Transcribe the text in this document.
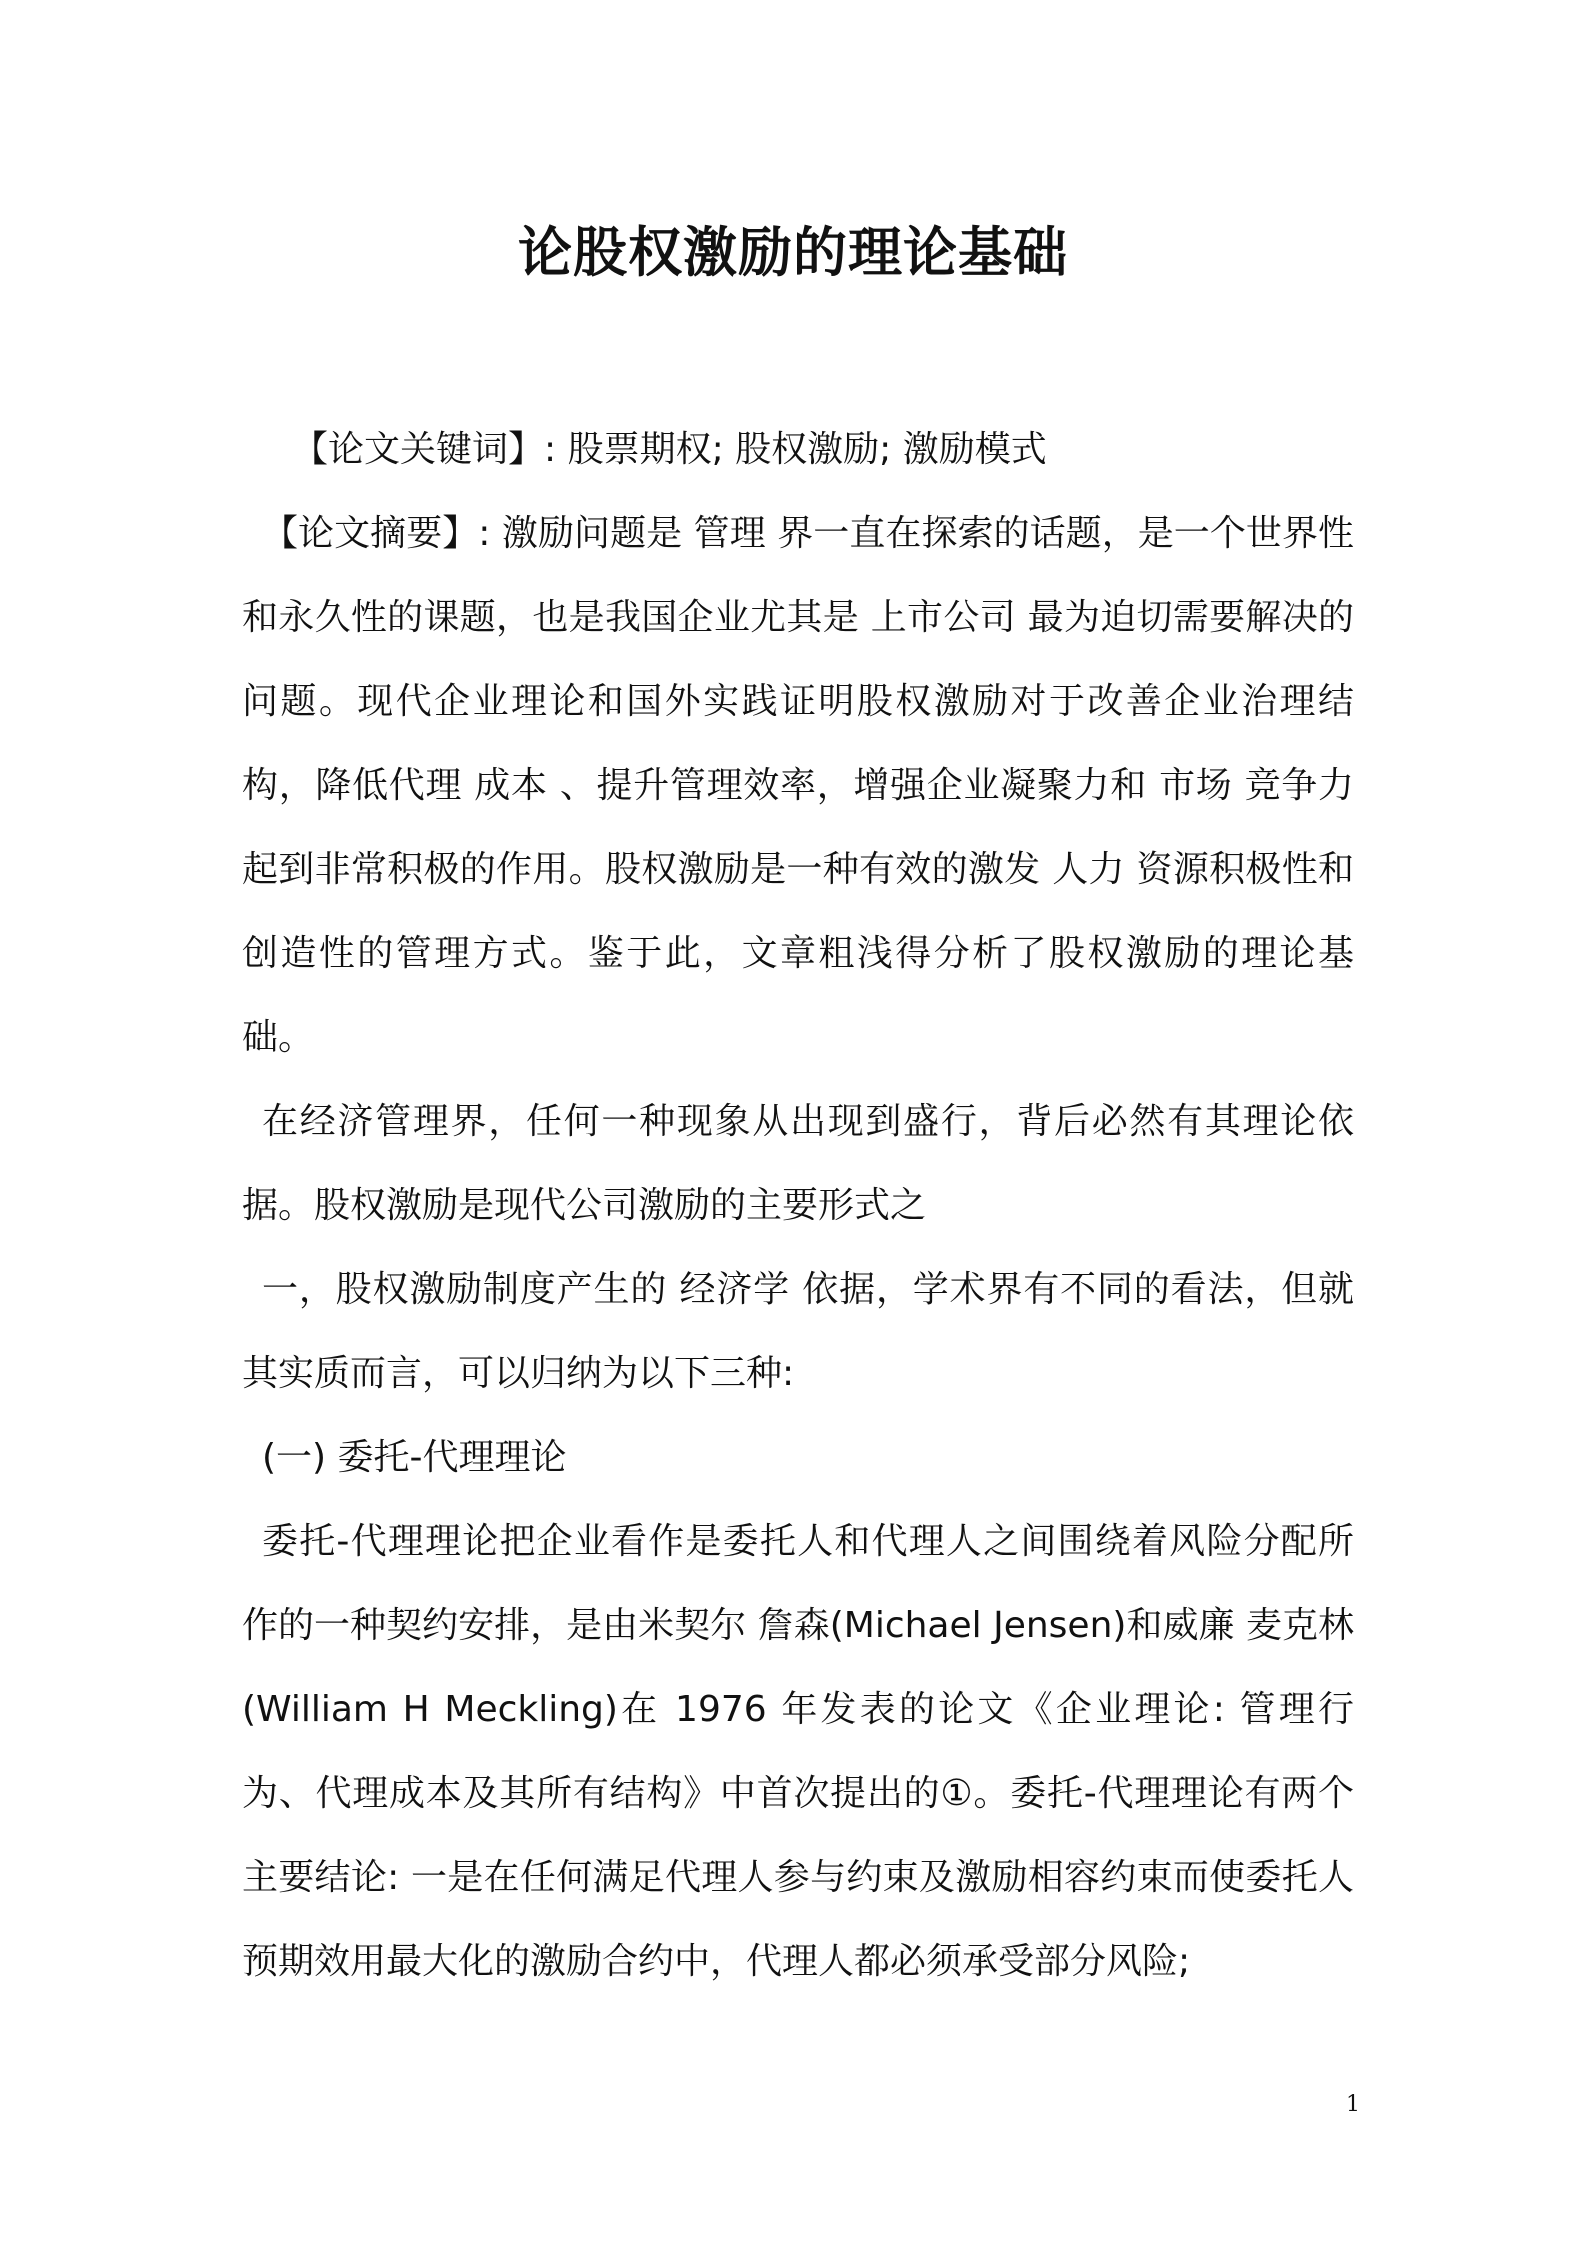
论股权激励的理论基础

【论文关键词】: 股票期权; 股权激励; 激励模式

【论文摘要】: 激励问题是 管理 界一直在探索的话题，是一个世界性和永久性的课题，也是我国企业尤其是 上市公司 最为迫切需要解决的问题。现代企业理论和国外实践证明股权激励对于改善企业治理结构，降低代理 成本 、提升管理效率，增强企业凝聚力和 市场 竞争力起到非常积极的作用。股权激励是一种有效的激发 人力 资源积极性和创造性的管理方式。鉴于此，文章粗浅得分析了股权激励的理论基础。

在经济管理界，任何一种现象从出现到盛行，背后必然有其理论依据。股权激励是现代公司激励的主要形式之

一，股权激励制度产生的 经济学 依据，学术界有不同的看法，但就其实质而言，可以归纳为以下三种:

(一) 委托-代理理论

委托-代理理论把企业看作是委托人和代理人之间围绕着风险分配所作的一种契约安排，是由米契尔 詹森(Michael Jensen)和威廉 麦克林(William H Meckling)在 1976 年发表的论文《企业理论: 管理行为、代理成本及其所有结构》中首次提出的①。委托-代理理论有两个主要结论: 一是在任何满足代理人参与约束及激励相容约束而使委托人预期效用最大化的激励合约中，代理人都必须承受部分风险;

1
